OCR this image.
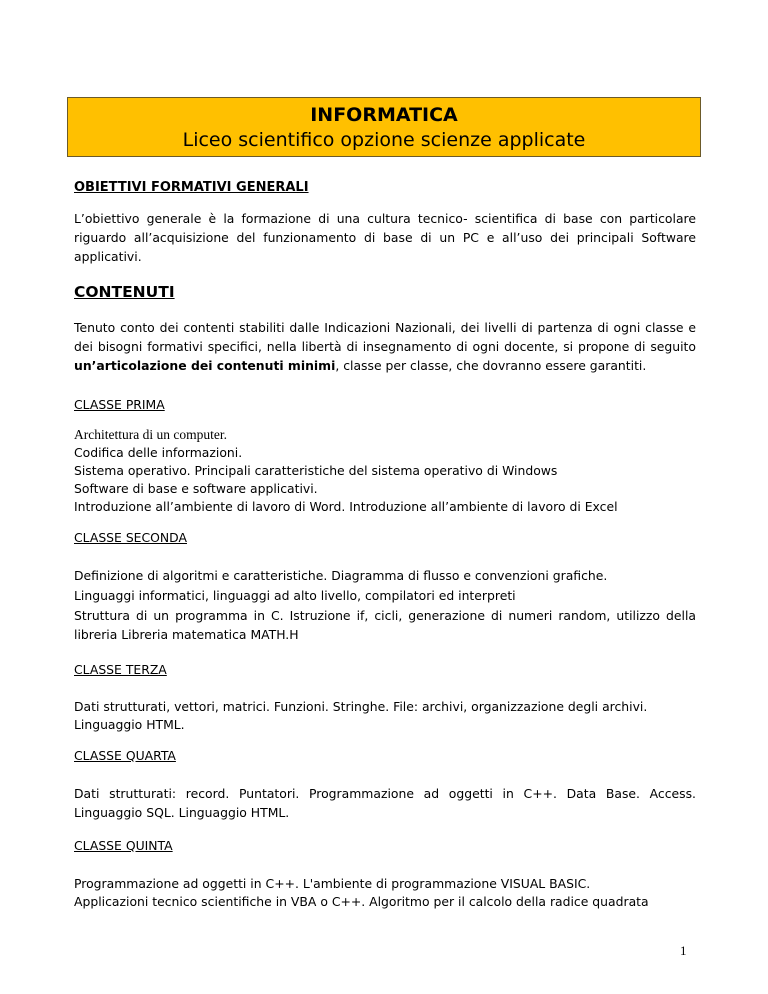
INFORMATICA
Liceo scientifico opzione scienze applicate
OBIETTIVI FORMATIVI GENERALI
L’obiettivo generale è la formazione di una cultura tecnico- scientifica di base con particolare riguardo all’acquisizione del funzionamento di base di un PC e all’uso dei principali Software applicativi.
CONTENUTI
Tenuto conto dei contenti stabiliti dalle Indicazioni Nazionali, dei livelli di partenza di ogni classe e dei bisogni formativi specifici, nella libertà di insegnamento di ogni docente, si propone di seguito un’articolazione dei contenuti minimi, classe per classe, che dovranno essere garantiti.
CLASSE PRIMA
Architettura di un computer.
Codifica delle informazioni.
Sistema operativo. Principali caratteristiche del sistema operativo di Windows
Software di base e software applicativi.
Introduzione all’ambiente di lavoro di Word. Introduzione all’ambiente di lavoro di Excel
CLASSE SECONDA
Definizione di algoritmi e caratteristiche. Diagramma di flusso e convenzioni grafiche.
Linguaggi informatici, linguaggi ad alto livello, compilatori ed interpreti
Struttura di un programma in C. Istruzione if, cicli, generazione di numeri random, utilizzo della libreria Libreria matematica MATH.H
CLASSE TERZA
Dati strutturati, vettori, matrici. Funzioni. Stringhe. File: archivi, organizzazione degli archivi.
Linguaggio HTML.
CLASSE QUARTA
Dati strutturati: record. Puntatori. Programmazione ad oggetti in C++. Data Base. Access. Linguaggio SQL. Linguaggio HTML.
CLASSE QUINTA
Programmazione ad oggetti in C++. L'ambiente di programmazione VISUAL BASIC.
Applicazioni tecnico scientifiche in VBA o C++. Algoritmo per il calcolo della radice quadrata
1
